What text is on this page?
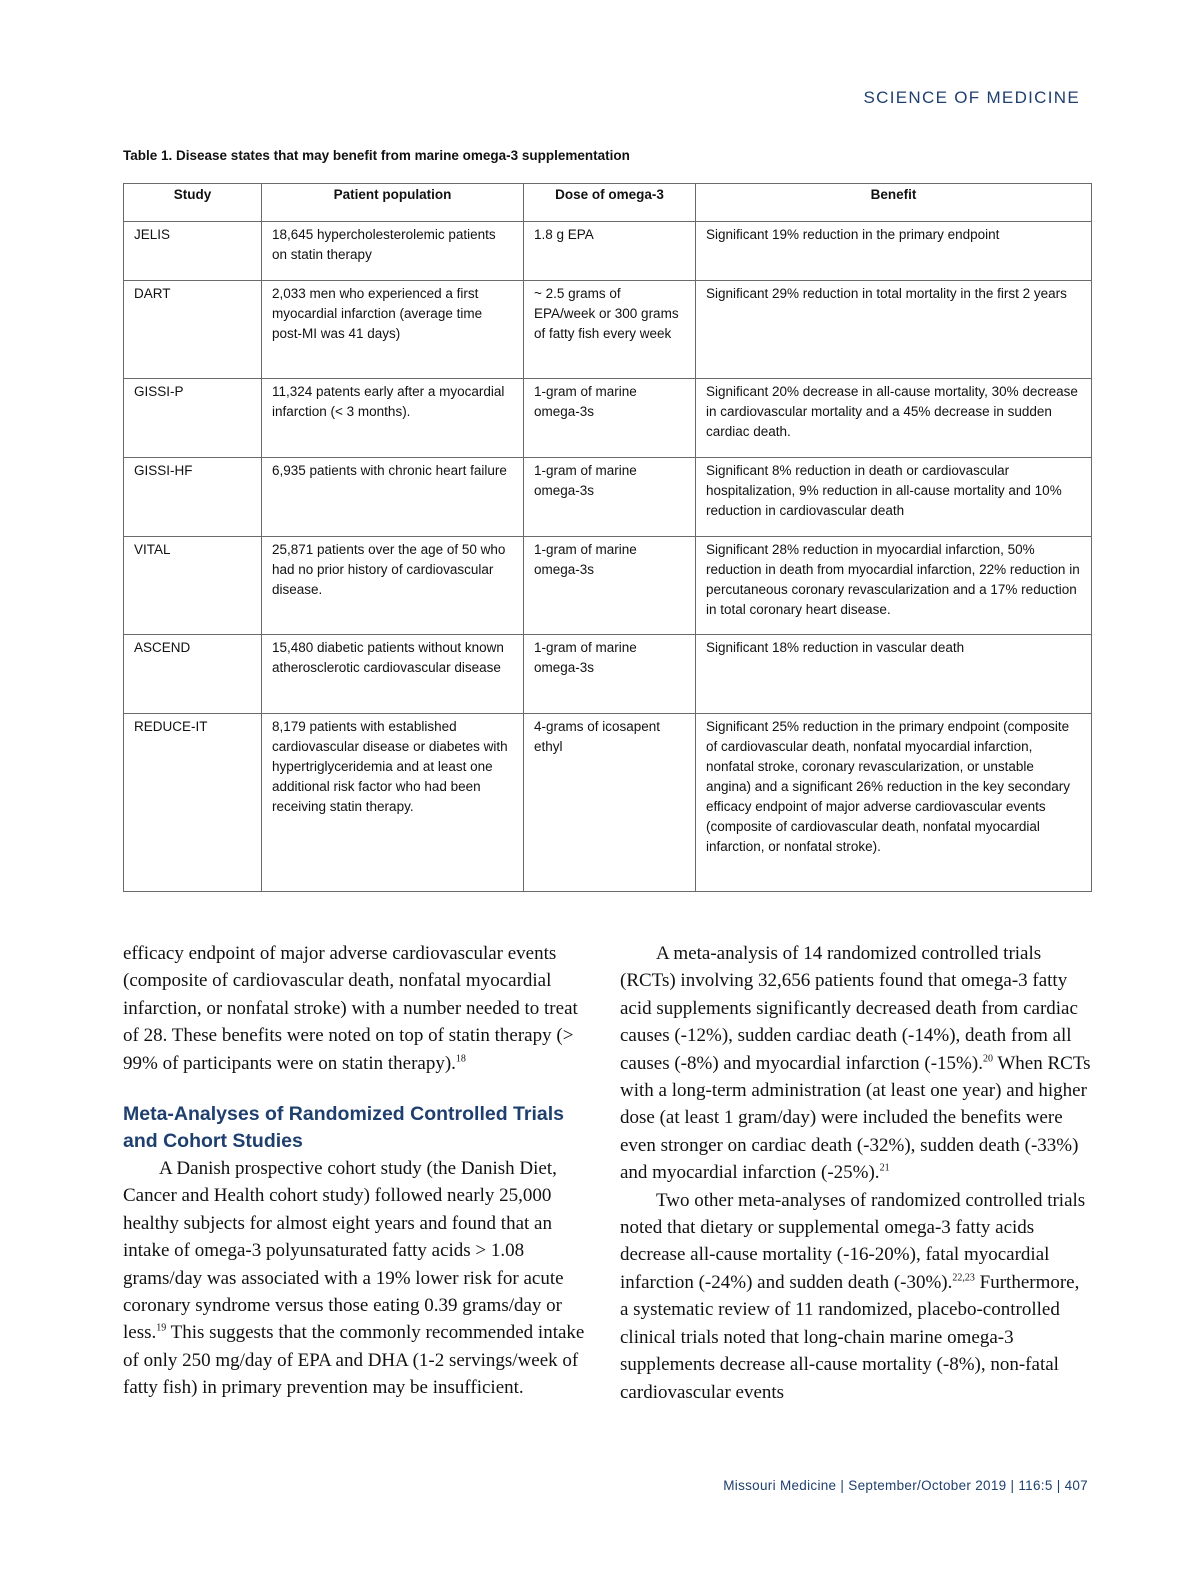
SCIENCE OF MEDICINE
Table 1. Disease states that may benefit from marine omega-3 supplementation
Study	Patient population	Dose of omega-3	Benefit
JELIS	18,645 hypercholesterolemic patients on statin therapy	1.8 g EPA	Significant 19% reduction in the primary endpoint
DART	2,033 men who experienced a first myocardial infarction (average time post-MI was 41 days)	~ 2.5 grams of EPA/week or 300 grams of fatty fish every week	Significant 29% reduction in total mortality in the first 2 years
GISSI-P	11,324 patents early after a myocardial infarction (< 3 months).	1-gram of marine omega-3s	Significant 20% decrease in all-cause mortality, 30% decrease in cardiovascular mortality and a 45% decrease in sudden cardiac death.
GISSI-HF	6,935 patients with chronic heart failure	1-gram of marine omega-3s	Significant 8% reduction in death or cardiovascular hospitalization, 9% reduction in all-cause mortality and 10% reduction in cardiovascular death
VITAL	25,871 patients over the age of 50 who had no prior history of cardiovascular disease.	1-gram of marine omega-3s	Significant 28% reduction in myocardial infarction, 50% reduction in death from myocardial infarction, 22% reduction in percutaneous coronary revascularization and a 17% reduction in total coronary heart disease.
ASCEND	15,480 diabetic patients without known atherosclerotic cardiovascular disease	1-gram of marine omega-3s	Significant 18% reduction in vascular death
REDUCE-IT	8,179 patients with established cardiovascular disease or diabetes with hypertriglyceridemia and at least one additional risk factor who had been receiving statin therapy.	4-grams of icosapent ethyl	Significant 25% reduction in the primary endpoint (composite of cardiovascular death, nonfatal myocardial infarction, nonfatal stroke, coronary revascularization, or unstable angina) and a significant 26% reduction in the key secondary efficacy endpoint of major adverse cardiovascular events (composite of cardiovascular death, nonfatal myocardial infarction, or nonfatal stroke).

efficacy endpoint of major adverse cardiovascular events (composite of cardiovascular death, nonfatal myocardial infarction, or nonfatal stroke) with a number needed to treat of 28. These benefits were noted on top of statin therapy (> 99% of participants were on statin therapy).$^{18}$

Meta-Analyses of Randomized Controlled Trials and Cohort Studies

A Danish prospective cohort study (the Danish Diet, Cancer and Health cohort study) followed nearly 25,000 healthy subjects for almost eight years and found that an intake of omega-3 polyunsaturated fatty acids > 1.08 grams/day was associated with a 19% lower risk for acute coronary syndrome versus those eating 0.39 grams/day or less.$^{19}$ This suggests that the commonly recommended intake of only 250 mg/day of EPA and DHA (1-2 servings/week of fatty fish) in primary prevention may be insufficient.

A meta-analysis of 14 randomized controlled trials (RCTs) involving 32,656 patients found that omega-3 fatty acid supplements significantly decreased death from cardiac causes (-12%), sudden cardiac death (-14%), death from all causes (-8%) and myocardial infarction (-15%).$^{20}$ When RCTs with a long-term administration (at least one year) and higher dose (at least 1 gram/day) were included the benefits were even stronger on cardiac death (-32%), sudden death (-33%) and myocardial infarction (-25%).$^{21}$

Two other meta-analyses of randomized controlled trials noted that dietary or supplemental omega-3 fatty acids decrease all-cause mortality (-16-20%), fatal myocardial infarction (-24%) and sudden death (-30%).$^{22,23}$ Furthermore, a systematic review of 11 randomized, placebo-controlled clinical trials noted that long-chain marine omega-3 supplements decrease all-cause mortality (-8%), non-fatal cardiovascular events

Missouri Medicine | September/October 2019 | 116:5 | 407
